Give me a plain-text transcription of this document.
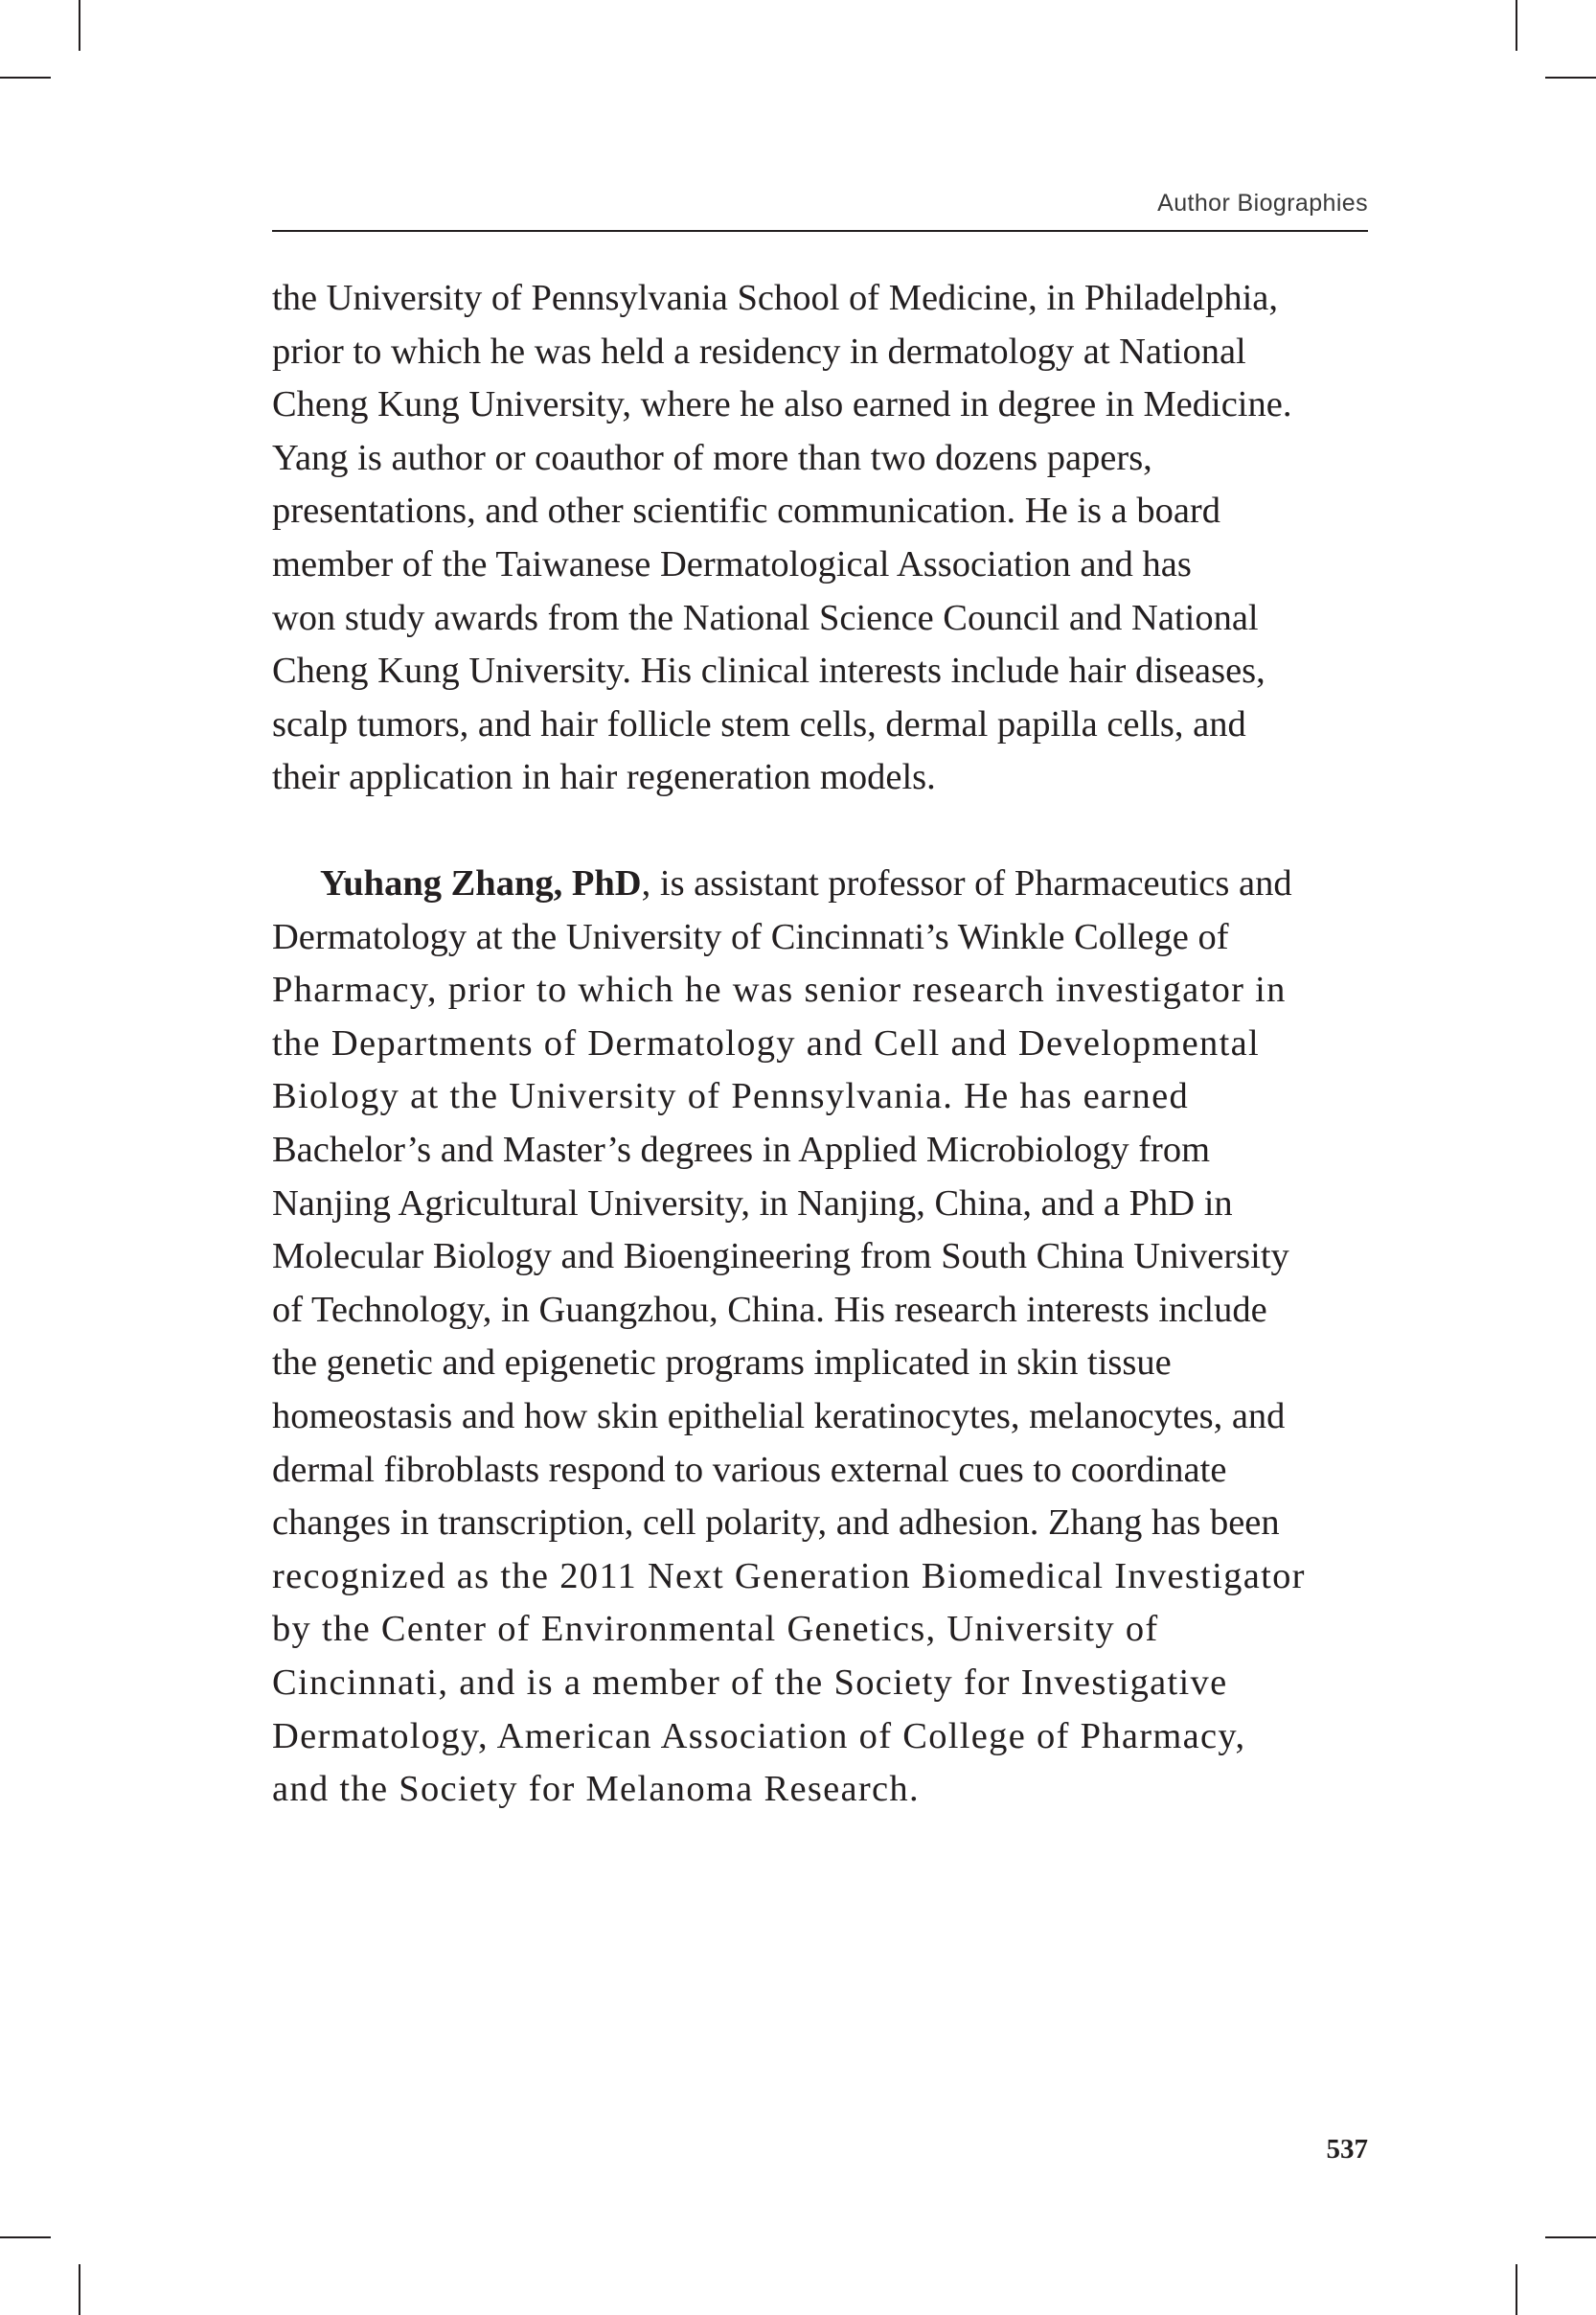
Author Biographies
the University of Pennsylvania School of Medicine, in Philadelphia,
prior to which he was held a residency in dermatology at National
Cheng Kung University, where he also earned in degree in Medicine.
Yang is author or coauthor of more than two dozens papers,
presentations, and other scientific communication. He is a board
member of the Taiwanese Dermatological Association and has
won study awards from the National Science Council and National
Cheng Kung University. His clinical interests include hair diseases,
scalp tumors, and hair follicle stem cells, dermal papilla cells, and
their application in hair regeneration models.
Yuhang Zhang, PhD, is assistant professor of Pharmaceutics and
Dermatology at the University of Cincinnati’s Winkle College of
Pharmacy, prior to which he was senior research investigator in
the Departments of Dermatology and Cell and Developmental
Biology at the University of Pennsylvania. He has earned
Bachelor’s and Master’s degrees in Applied Microbiology from
Nanjing Agricultural University, in Nanjing, China, and a PhD in
Molecular Biology and Bioengineering from South China University
of Technology, in Guangzhou, China. His research interests include
the genetic and epigenetic programs implicated in skin tissue
homeostasis and how skin epithelial keratinocytes, melanocytes, and
dermal fibroblasts respond to various external cues to coordinate
changes in transcription, cell polarity, and adhesion. Zhang has been
recognized as the 2011 Next Generation Biomedical Investigator
by the Center of Environmental Genetics, University of
Cincinnati, and is a member of the Society for Investigative
Dermatology, American Association of College of Pharmacy,
and the Society for Melanoma Research.
537
